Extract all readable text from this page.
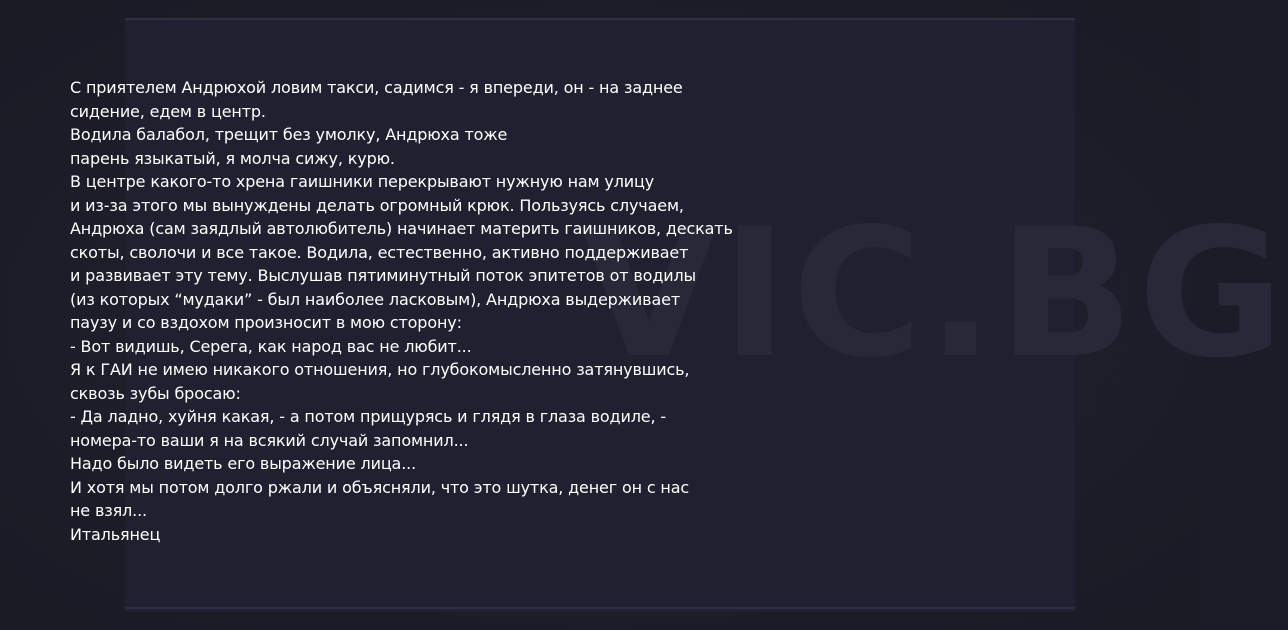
VIC.BG
С приятелем Андрюхой ловим такси, садимся - я впереди, он - на заднее
сидение, едем в центр.
Водила балабол, трещит без умолку, Андрюха тоже
парень языкатый, я молча сижу, курю.
В центре какого-то хрена гаишники перекрывают нужную нам улицу
и из-за этого мы вынуждены делать огромный крюк. Пользуясь случаем,
Андрюха (сам заядлый автолюбитель) начинает материть гаишников, дескать
скоты, сволочи и все такое. Водила, естественно, активно поддерживает
и развивает эту тему. Выслушав пятиминутный поток эпитетов от водилы
(из которых “мудаки” - был наиболее ласковым), Андрюха выдерживает
паузу и со вздохом произносит в мою сторону:
- Вот видишь, Серега, как народ вас не любит...
Я к ГАИ не имею никакого отношения, но глубокомысленно затянувшись,
сквозь зубы бросаю:
- Да ладно, хуйня какая, - а потом прищурясь и глядя в глаза водиле, -
номера-то ваши я на всякий случай запомнил...
Надо было видеть его выражение лица...
И хотя мы потом долго ржали и объясняли, что это шутка, денег он с нас
не взял...
Итальянец
